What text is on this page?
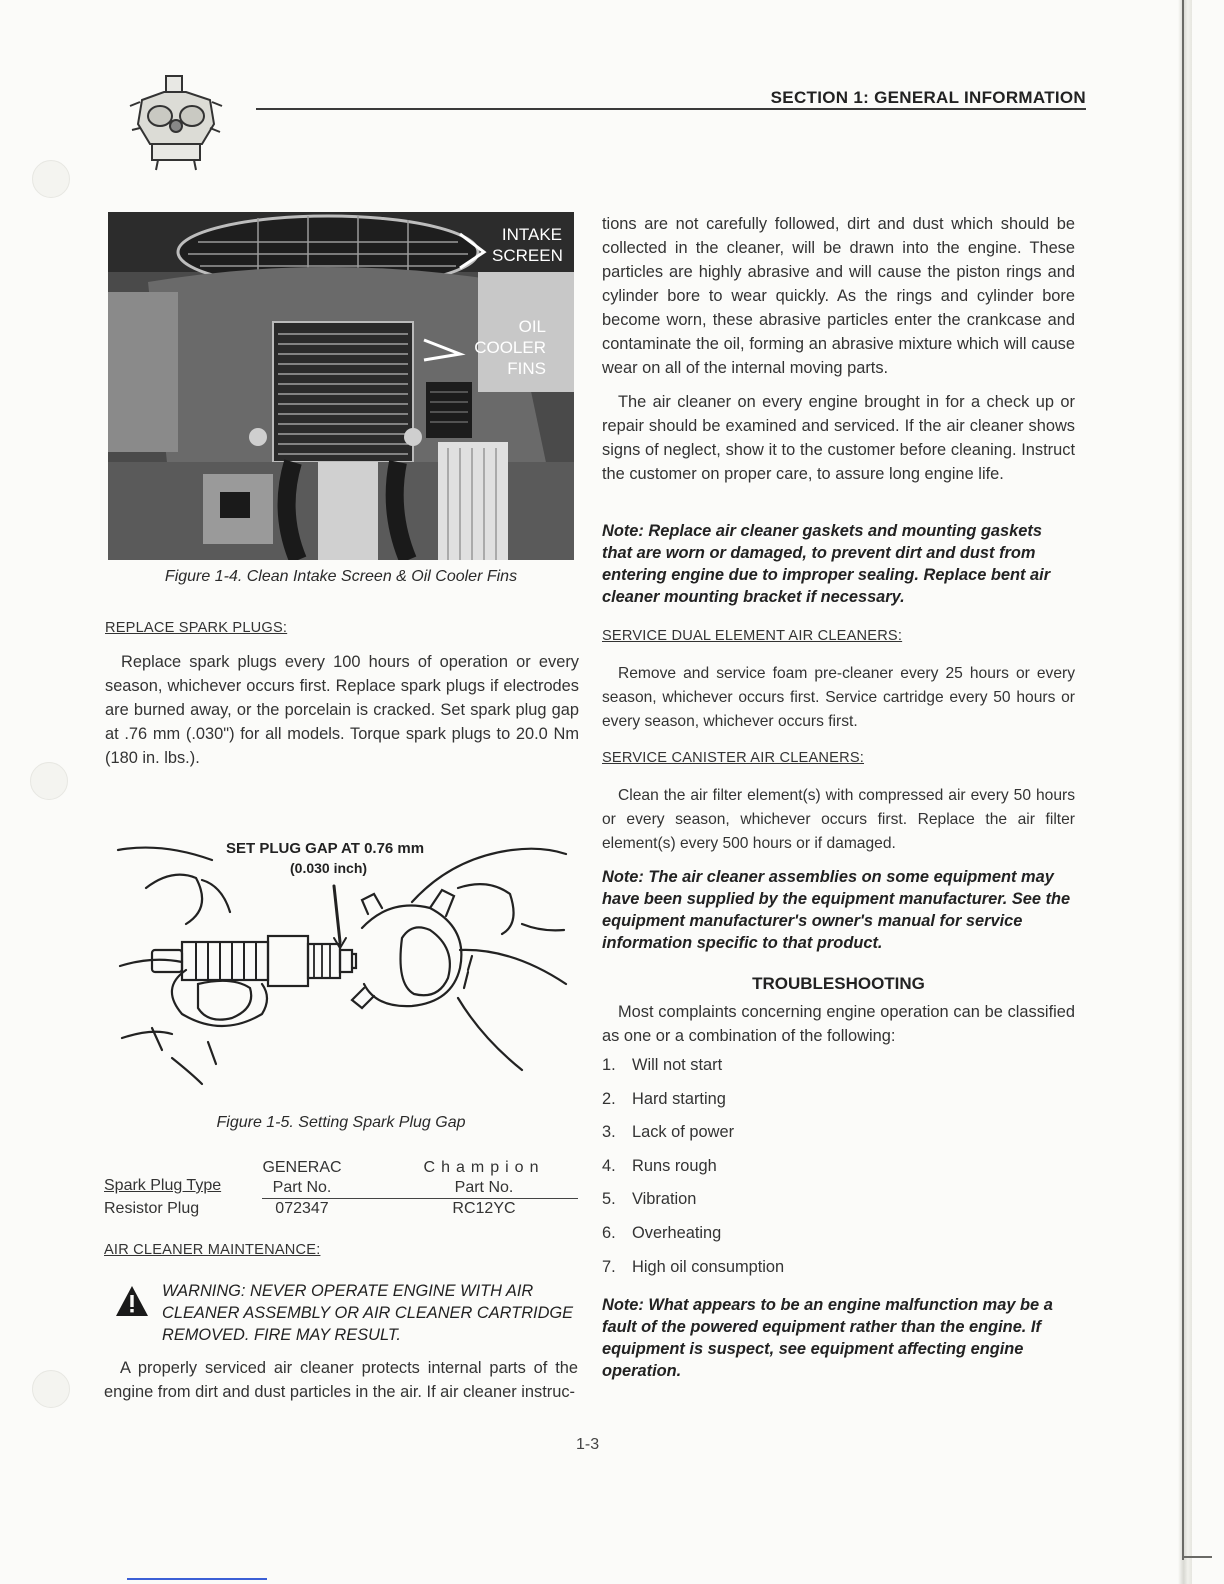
SECTION 1: GENERAL INFORMATION
INTAKE
SCREEN
OIL
COOLER
FINS
Figure 1-4. Clean Intake Screen & Oil Cooler Fins
REPLACE SPARK PLUGS:

Replace spark plugs every 100 hours of operation or every season, whichever occurs first. Replace spark plugs if electrodes are burned away, or the porcelain is cracked. Set spark plug gap at .76 mm (.030") for all models. Torque spark plugs to 20.0 Nm (180 in. lbs.).

SET PLUG GAP AT 0.76 mm
(0.030 inch)
Figure 1-5. Setting Spark Plug Gap
Spark Plug Type
GENERAC
Part No.
Champion
Part No.
Resistor Plug	072347	RC12YC
AIR CLEANER MAINTENANCE:
WARNING: NEVER OPERATE ENGINE WITH AIR CLEANER ASSEMBLY OR AIR CLEANER CARTRIDGE REMOVED. FIRE MAY RESULT.

A properly serviced air cleaner protects internal parts of the engine from dirt and dust particles in the air. If air cleaner instruc-

tions are not carefully followed, dirt and dust which should be collected in the cleaner, will be drawn into the engine. These particles are highly abrasive and will cause the piston rings and cylinder bore to wear quickly. As the rings and cylinder bore become worn, these abrasive particles enter the crankcase and contaminate the oil, forming an abrasive mixture which will cause wear on all of the internal moving parts.

The air cleaner on every engine brought in for a check up or repair should be examined and serviced. If the air cleaner shows signs of neglect, show it to the customer before cleaning. Instruct the customer on proper care, to assure long engine life.

Note: Replace air cleaner gaskets and mounting gaskets that are worn or damaged, to prevent dirt and dust from entering engine due to improper sealing. Replace bent air cleaner mounting bracket if necessary.
SERVICE DUAL ELEMENT AIR CLEANERS:

Remove and service foam pre-cleaner every 25 hours or every season, whichever occurs first. Service cartridge every 50 hours or every season, whichever occurs first.

SERVICE CANISTER AIR CLEANERS:

Clean the air filter element(s) with compressed air every 50 hours or every season, whichever occurs first. Replace the air filter element(s) every 500 hours or if damaged.

Note: The air cleaner assemblies on some equipment may have been supplied by the equipment manufacturer. See the equipment manufacturer's owner's manual for service information specific to that product.
TROUBLESHOOTING

Most complaints concerning engine operation can be classified as one or a combination of the following:

1. Will not start
2. Hard starting
3. Lack of power
4. Runs rough
5. Vibration
6. Overheating
7. High oil consumption
Note: What appears to be an engine malfunction may be a fault of the powered equipment rather than the engine. If equipment is suspect, see equipment affecting engine operation.
1-3
